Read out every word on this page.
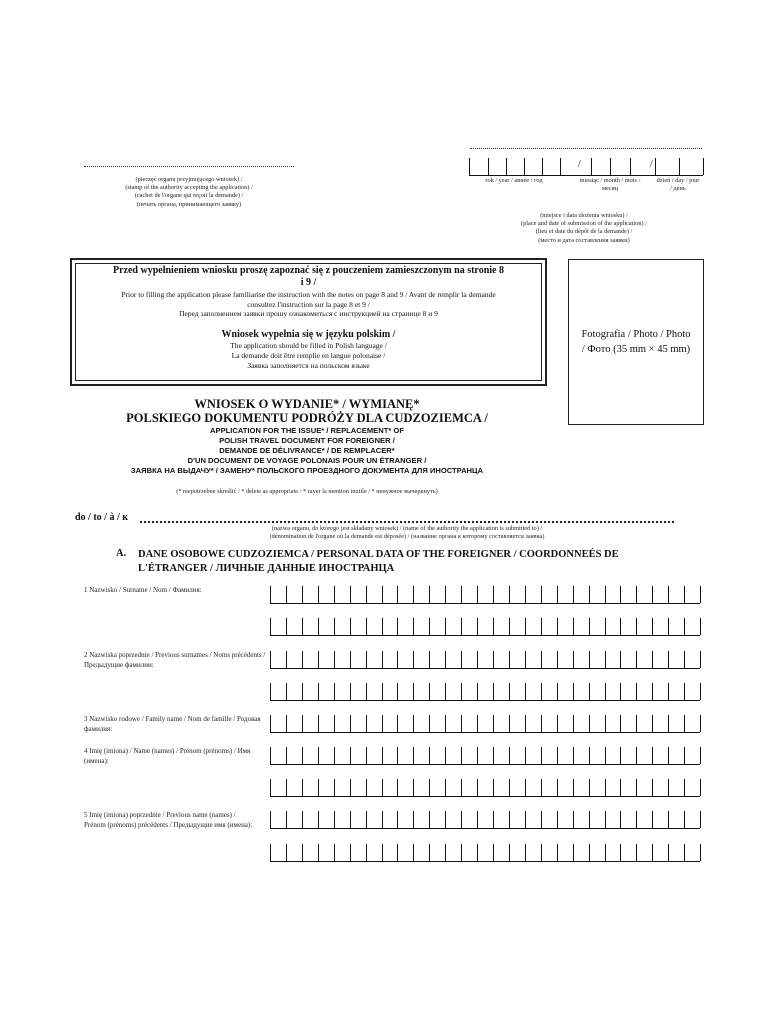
(pieczęć organu przyjmującego wniosek) /
(stamp of the authority accepting the application) /
(cachet de l'organe qui reçoit la demande) /
(печать органа, принимающего заявку)
/	/
rok / year / année / год	miesiąc / month / mois / месяц
dzień / day / jour / день
(miejsce i data złożenia wniosku) /
(place and date of submission of the application) /
(lieu et date du dépôt de la demande) /
(место и дата составления заявки)
Przed wypełnieniem wniosku proszę zapoznać się z pouczeniem zamieszczonym na stronie 8 i 9 /
Prior to filling the application please familiarise the instruction with the notes on page 8 and 9 / Avant de remplir la demande consultez l'instruction sur la page 8 et 9 /
Перед заполнением заявки прошу ознакомиться с инструкцией на странице 8 и 9
Wniosek wypełnia się w języku polskim /
The application should be filled in Polish language /
La demande doit être remplie en langue polonaise /
Заявка заполняется на польском языке
Fotografia / Photo / Photo / Фото (35 mm × 45 mm)
WNIOSEK O WYDANIE* / WYMIANĘ*
POLSKIEGO DOKUMENTU PODRÓŻY DLA CUDZOZIEMCA /
APPLICATION FOR THE ISSUE* / REPLACEMENT* OF
POLISH TRAVEL DOCUMENT FOR FOREIGNER /
DEMANDE DE DÉLIVRANCE* / DE REMPLACER*
D'UN DOCUMENT DE VOYAGE POLONAIS POUR UN ÉTRANGER /
ЗАЯВКА НА ВЫДАЧУ* / ЗАМЕНУ* ПОЛЬСКОГО ПРОЕЗДНОГО ДОКУМЕНТА ДЛЯ ИНОСТРАНЦА
(* niepotrzebne skreślić / * delete as appropriate / * rayer la mention inutile / * ненужное вычеркнуть)
do / to / à / к
(nazwa organu, do którego jest składany wniosek) / (name of the authority the application is submitted to) /
(dénomination de l'organe où la demande est déposée) / (название органа к которому составляется заявка)
A. DANE OSOBOWE CUDZOZIEMCA / PERSONAL DATA OF THE FOREIGNER / COORDONNEÉS DE L'ÉTRANGER / ЛИЧНЫЕ ДАННЫЕ ИНОСТРАНЦА
1 Nazwisko / Surname / Nom / Фамилия:
2 Nazwiska poprzednie / Previous surnames / Noms précédents / Предыдущие фамилии:
3 Nazwisko rodowe / Family name / Nom de famille / Родовая фамилия:
4 Imię (imiona) / Name (names) / Prénom (prénoms) / Имя (имена):
5 Imię (imiona) poprzednie / Previous name (names) / Prénom (prénoms) précédents / Предыдущие имя (имена):
